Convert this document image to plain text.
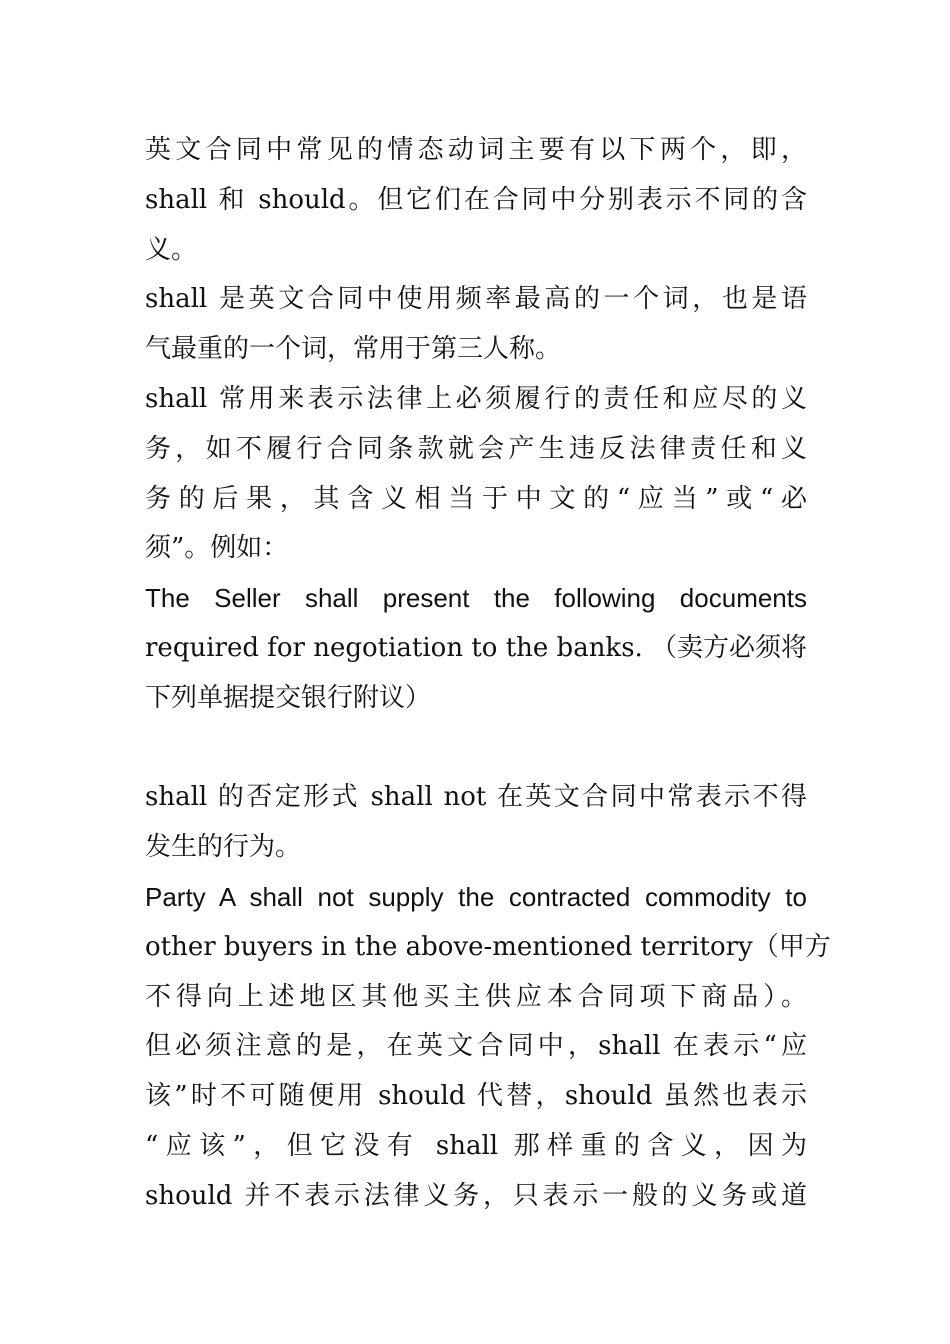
英文合同中常见的情态动词主要有以下两个，即，
shall 和 should。但它们在合同中分别表示不同的含
义。
shall 是英文合同中使用频率最高的一个词，也是语
气最重的一个词，常用于第三人称。
shall 常用来表示法律上必须履行的责任和应尽的义
务，如不履行合同条款就会产生违反法律责任和义
务的后果，其含义相当于中文的“应当”或“必
须”。例如：
The Seller shall present the following documents
required for negotiation to the banks. （卖方必须将
下列单据提交银行附议）
shall 的否定形式 shall not 在英文合同中常表示不得
发生的行为。
Party A shall not supply the contracted commodity to
other buyers in the above-mentioned territory（甲方
不得向上述地区其他买主供应本合同项下商品）。
但必须注意的是，在英文合同中，shall 在表示“应
该”时不可随便用 should 代替，should 虽然也表示
“应该”，但它没有 shall 那样重的含义，因为
should 并不表示法律义务，只表示一般的义务或道
